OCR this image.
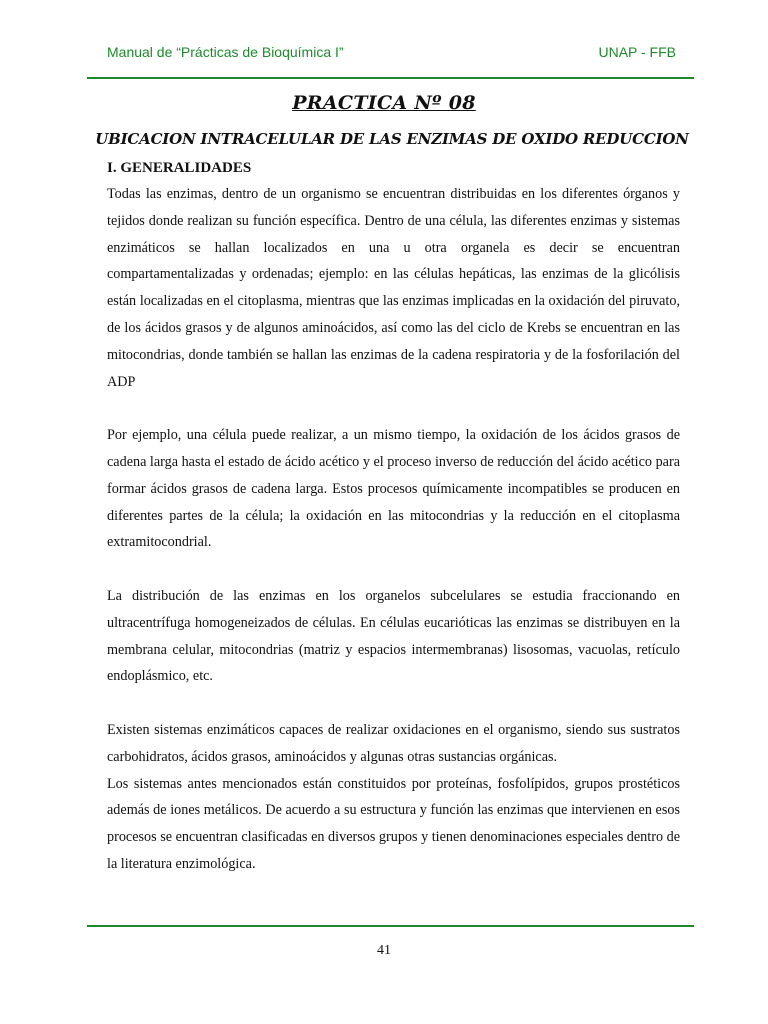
Manual de “Prácticas de Bioquímica I”	UNAP - FFB
PRACTICA Nº 08
UBICACION INTRACELULAR DE LAS ENZIMAS DE OXIDO REDUCCION
I. GENERALIDADES

Todas las enzimas, dentro de un organismo se encuentran distribuidas en los diferentes órganos y tejidos donde realizan su función específica. Dentro de una célula, las diferentes enzimas y sistemas enzimáticos se hallan localizados en una u otra organela es decir se encuentran compartamentalizadas y ordenadas; ejemplo: en las células hepáticas, las enzimas de la glicólisis están localizadas en el citoplasma, mientras que las enzimas implicadas en la oxidación del piruvato, de los ácidos grasos y de algunos aminoácidos, así como las del ciclo de Krebs se encuentran en las mitocondrias, donde también se hallan las enzimas de la cadena respiratoria y de la fosforilación del ADP

Por ejemplo, una célula puede realizar, a un mismo tiempo, la oxidación de los ácidos grasos de cadena larga hasta el estado de ácido acético y el proceso inverso de reducción del ácido acético para formar ácidos grasos de cadena larga. Estos procesos químicamente incompatibles se producen en diferentes partes de la célula; la oxidación en las mitocondrias y la reducción en el citoplasma extramitocondrial.

La distribución de las enzimas en los organelos subcelulares se estudia fraccionando en ultracentrífuga homogeneizados de células. En células eucarióticas las enzimas se distribuyen en la membrana celular, mitocondrias (matriz y espacios intermembranas) lisosomas, vacuolas, retículo endoplásmico, etc.

Existen sistemas enzimáticos capaces de realizar oxidaciones en el organismo, siendo sus sustratos carbohidratos, ácidos grasos, aminoácidos y algunas otras sustancias orgánicas.

Los sistemas antes mencionados están constituidos por proteínas, fosfolípidos, grupos prostéticos además de iones metálicos. De acuerdo a su estructura y función las enzimas que intervienen en esos procesos se encuentran clasificadas en diversos grupos y tienen denominaciones especiales dentro de la literatura enzimológica.

41
